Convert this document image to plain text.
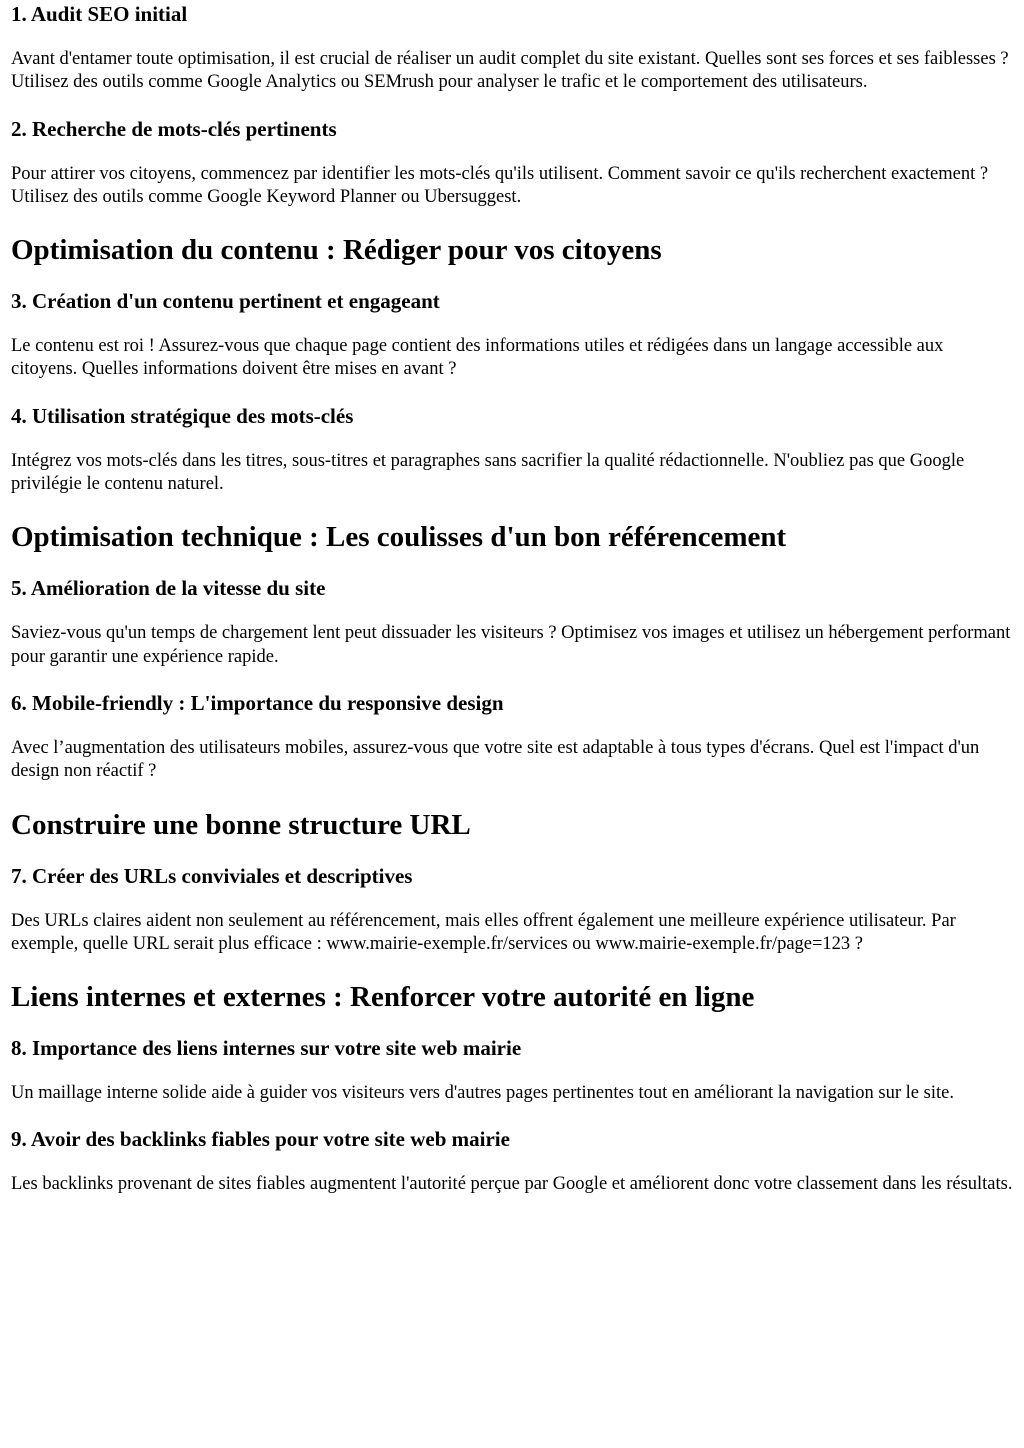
1. Audit SEO initial

Avant d'entamer toute optimisation, il est crucial de réaliser un audit complet du site existant. Quelles sont ses forces et ses faiblesses ? Utilisez des outils comme Google Analytics ou SEMrush pour analyser le trafic et le comportement des utilisateurs.

2. Recherche de mots-clés pertinents

Pour attirer vos citoyens, commencez par identifier les mots-clés qu'ils utilisent. Comment savoir ce qu'ils recherchent exactement ? Utilisez des outils comme Google Keyword Planner ou Ubersuggest.

Optimisation du contenu : Rédiger pour vos citoyens
3. Création d'un contenu pertinent et engageant

Le contenu est roi ! Assurez-vous que chaque page contient des informations utiles et rédigées dans un langage accessible aux citoyens. Quelles informations doivent être mises en avant ?

4. Utilisation stratégique des mots-clés

Intégrez vos mots-clés dans les titres, sous-titres et paragraphes sans sacrifier la qualité rédactionnelle. N'oubliez pas que Google privilégie le contenu naturel.

Optimisation technique : Les coulisses d'un bon référencement
5. Amélioration de la vitesse du site

Saviez-vous qu'un temps de chargement lent peut dissuader les visiteurs ? Optimisez vos images et utilisez un hébergement performant pour garantir une expérience rapide.

6. Mobile-friendly : L'importance du responsive design

Avec l’augmentation des utilisateurs mobiles, assurez-vous que votre site est adaptable à tous types d'écrans. Quel est l'impact d'un design non réactif ?

Construire une bonne structure URL
7. Créer des URLs conviviales et descriptives

Des URLs claires aident non seulement au référencement, mais elles offrent également une meilleure expérience utilisateur. Par exemple, quelle URL serait plus efficace : www.mairie-exemple.fr/services ou www.mairie-exemple.fr/page=123 ?

Liens internes et externes : Renforcer votre autorité en ligne
8. Importance des liens internes sur votre site web mairie

Un maillage interne solide aide à guider vos visiteurs vers d'autres pages pertinentes tout en améliorant la navigation sur le site.

9. Avoir des backlinks fiables pour votre site web mairie

Les backlinks provenant de sites fiables augmentent l'autorité perçue par Google et améliorent donc votre classement dans les résultats.
